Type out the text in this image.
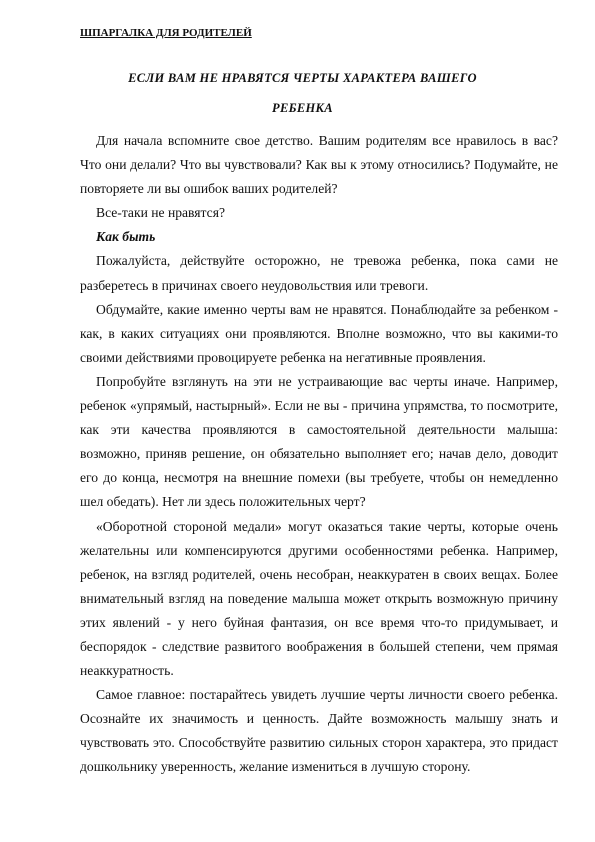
ШПАРГАЛКА ДЛЯ РОДИТЕЛЕЙ
ЕСЛИ ВАМ НЕ НРАВЯТСЯ ЧЕРТЫ ХАРАКТЕРА ВАШЕГО
РЕБЕНКА

Для начала вспомните свое детство. Вашим родителям все нравилось в вас? Что они делали? Что вы чувствовали? Как вы к этому относились? Подумайте, не повторяете ли вы ошибок ваших родителей?

Все-таки не нравятся?

Как быть

Пожалуйста, действуйте осторожно, не тревожа ребенка, пока сами не разберетесь в причинах своего неудовольствия или тревоги.

Обдумайте, какие именно черты вам не нравятся. Понаблюдайте за ребенком - как, в каких ситуациях они проявляются. Вполне возможно, что вы какими-то своими действиями провоцируете ребенка на негативные проявления.

Попробуйте взглянуть на эти не устраивающие вас черты иначе. Например, ребенок «упрямый, настырный». Если не вы - причина упрямства, то посмотрите, как эти качества проявляются в самостоятельной деятельности малыша: возможно, приняв решение, он обязательно выполняет его; начав дело, доводит его до конца, несмотря на внешние помехи (вы требуете, чтобы он немедленно шел обедать). Нет ли здесь положительных черт?

«Оборотной стороной медали» могут оказаться такие черты, которые очень желательны или компенсируются другими особенностями ребенка. Например, ребенок, на взгляд родителей, очень несобран, неаккуратен в своих вещах. Более внимательный взгляд на поведение малыша может открыть возможную причину этих явлений - у него буйная фантазия, он все время что-то придумывает, и беспорядок - следствие развитого воображения в большей степени, чем прямая неаккуратность.

Самое главное: постарайтесь увидеть лучшие черты личности своего ребенка. Осознайте их значимость и ценность. Дайте возможность малышу знать и чувствовать это. Способствуйте развитию сильных сторон характера, это придаст дошкольнику уверенность, желание измениться в лучшую сторону.
